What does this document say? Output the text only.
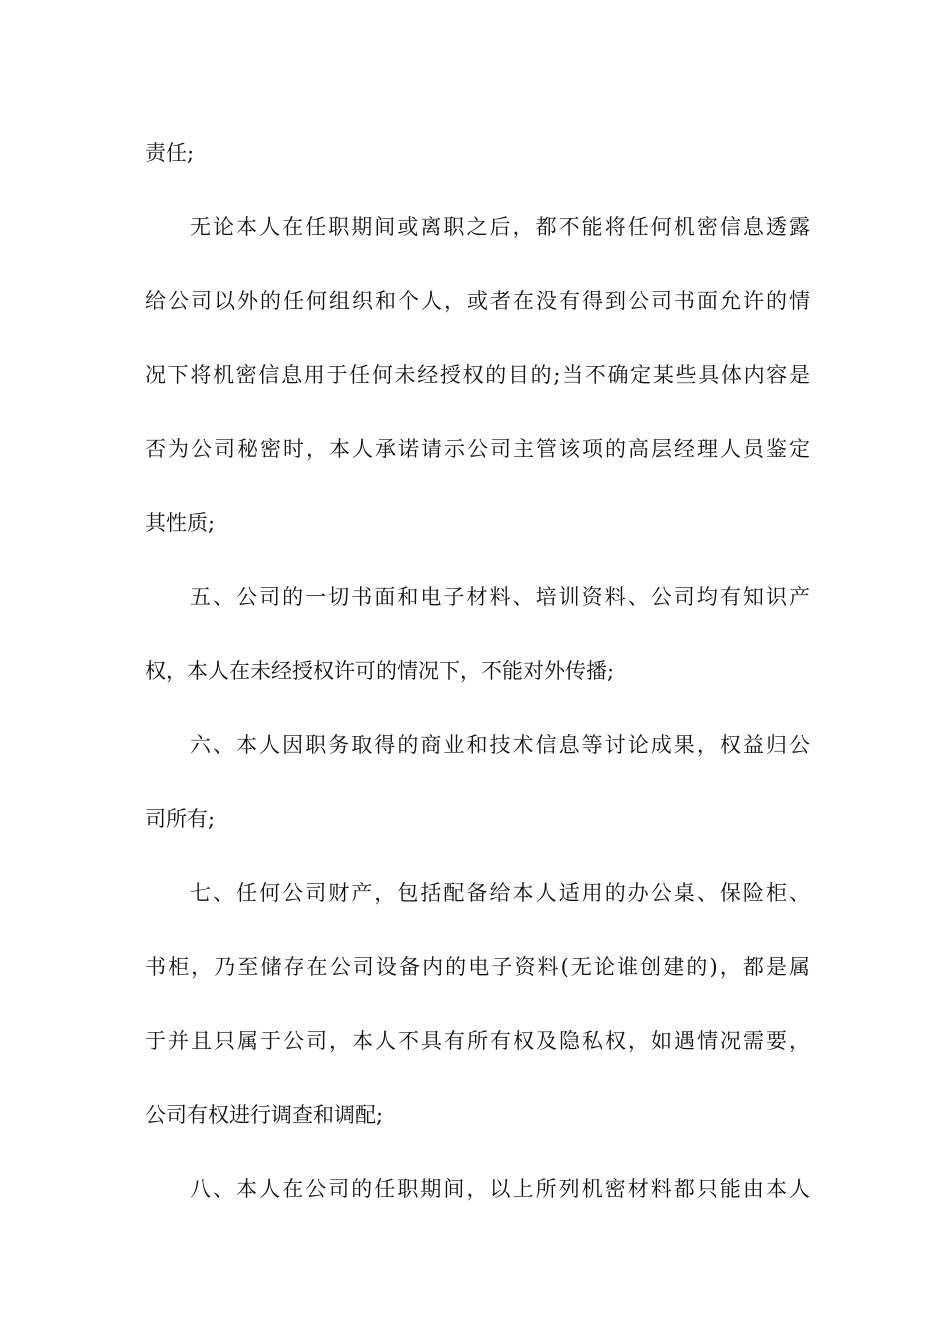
责任;
无论本人在任职期间或离职之后，都不能将任何机密信息透露
给公司以外的任何组织和个人，或者在没有得到公司书面允许的情
况下将机密信息用于任何未经授权的目的;当不确定某些具体内容是
否为公司秘密时，本人承诺请示公司主管该项的高层经理人员鉴定
其性质;
五、公司的一切书面和电子材料、培训资料、公司均有知识产
权，本人在未经授权许可的情况下，不能对外传播;
六、本人因职务取得的商业和技术信息等讨论成果，权益归公
司所有;
七、任何公司财产，包括配备给本人适用的办公桌、保险柜、
书柜，乃至储存在公司设备内的电子资料(无论谁创建的)，都是属
于并且只属于公司，本人不具有所有权及隐私权，如遇情况需要，
公司有权进行调查和调配;
八、本人在公司的任职期间，以上所列机密材料都只能由本人
